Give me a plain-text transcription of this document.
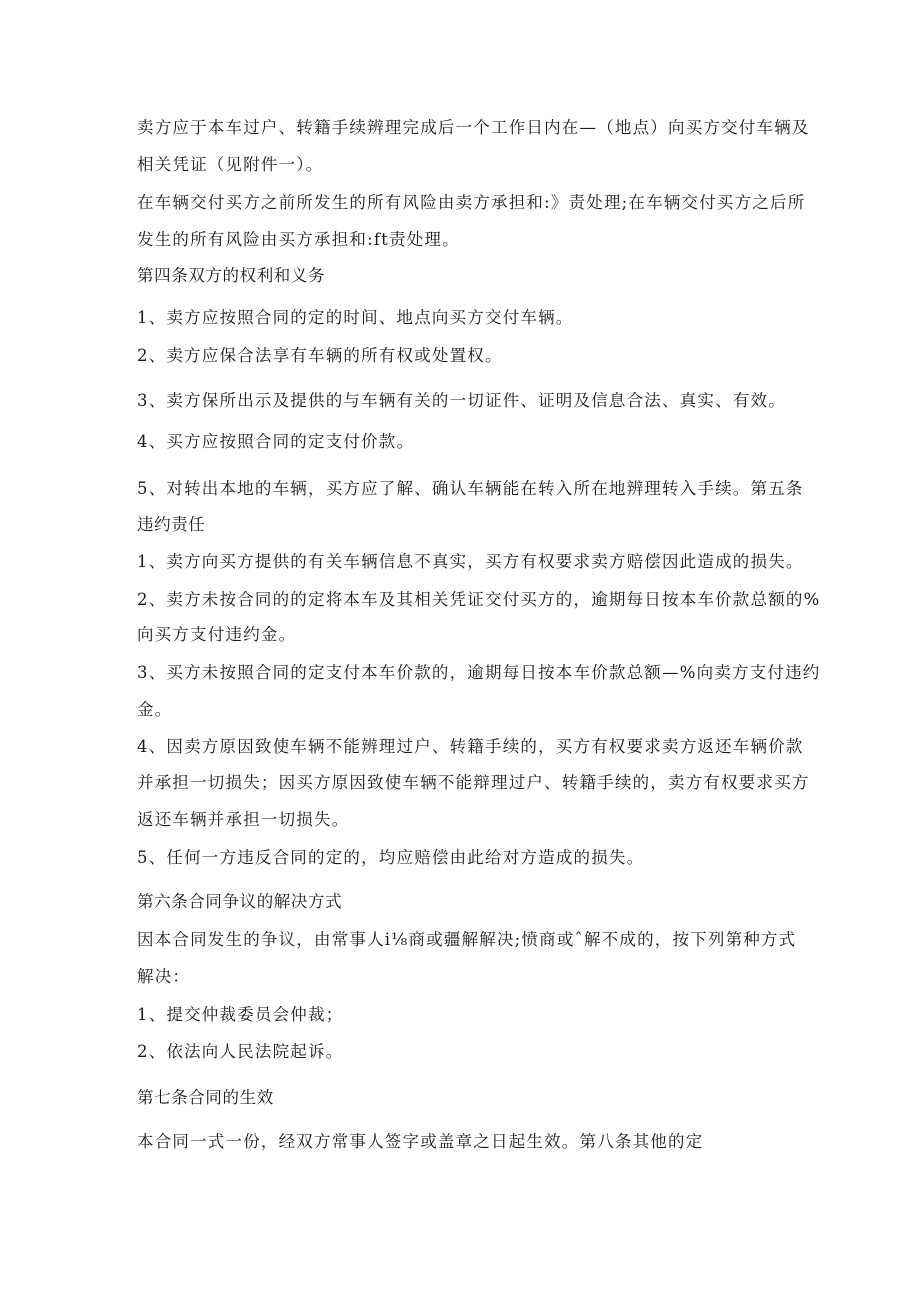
卖方应于本车过户、转籍手续辨理完成后一个工作日内在—（地点）向买方交付车辆及
相关凭证（见附件一）。
在车辆交付买方之前所发生的所有风险由卖方承担和:》责处理;在车辆交付买方之后所
发生的所有风险由买方承担和:ft责处理。
第四条双方的权利和义务
1、卖方应按照合同的定的时间、地点向买方交付车辆。
2、卖方应保合法享有车辆的所有权或处置权。
3、卖方保所出示及提供的与车辆有关的一切证件、证明及信息合法、真实、有效。
4、买方应按照合同的定支付价款。
5、对转出本地的车辆，买方应了解、确认车辆能在转入所在地辨理转入手续。第五条
违约责任
1、卖方向买方提供的有关车辆信息不真实，买方有权要求卖方赔偿因此造成的损失。
2、卖方未按合同的的定将本车及其相关凭证交付买方的，逾期每日按本车价款总额的%
向买方支付违约金。
3、买方未按照合同的定支付本车价款的，逾期每日按本车价款总额—%向卖方支付违约
金。
4、因卖方原因致使车辆不能辨理过户、转籍手续的，买方有权要求卖方返还车辆价款
并承担一切损失；因买方原因致使车辆不能辩理过户、转籍手续的，卖方有权要求买方
返还车辆并承担一切损失。
5、任何一方违反合同的定的，均应赔偿由此给对方造成的损失。
第六条合同争议的解决方式
因本合同发生的争议，由常事人i⅛商或疆解解决;愤商或ˆ解不成的，按下列第种方式
解决：
1、提交仲裁委员会仲裁；
2、依法向人民法院起诉。
第七条合同的生效
本合同一式一份，经双方常事人签字或盖章之日起生效。第八条其他的定
